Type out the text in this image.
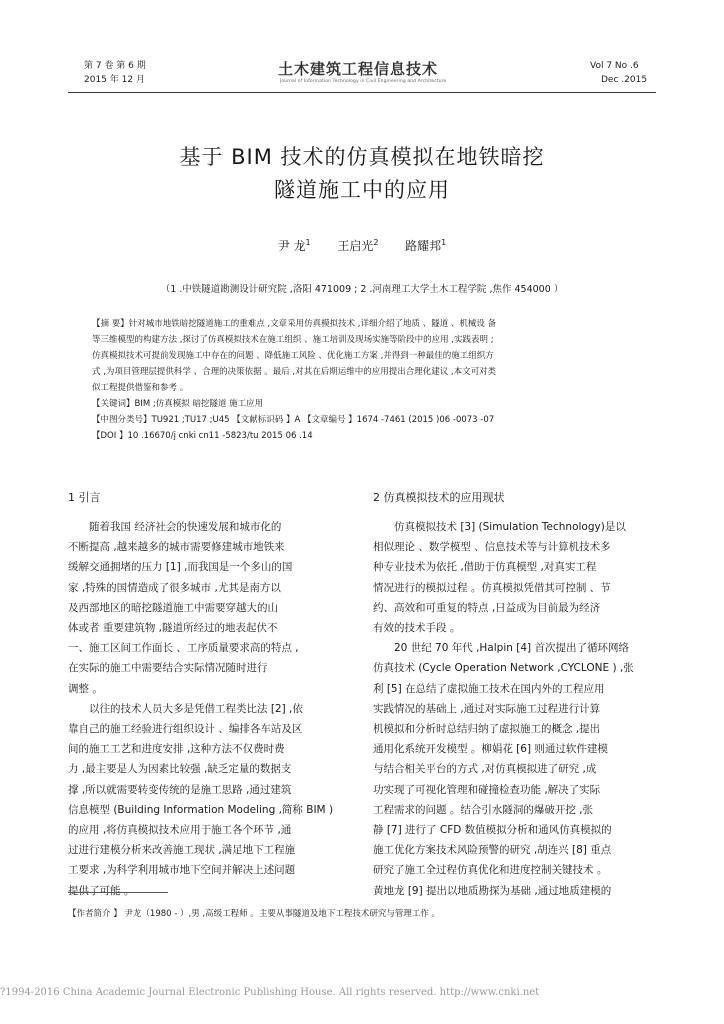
第 7 卷 第 6 期
2015 年 12 月
土木建筑工程信息技术
Journal of Information Technology in Civil Engineering and Architecture
Vol 7 No .6
Dec .2015
基于 BIM 技术的仿真模拟在地铁暗挖
隧道施工中的应用
尹 龙$^1$ 王启光$^2$ 路耀邦$^1$
（1 .中铁隧道勘测设计研究院 ,洛阳 471009 ; 2 .河南理工大学土木工程学院 ,焦作 454000 ）
【摘 要】针对城市地铁暗挖隧道施工的重难点 ,文章采用仿真模拟技术 ,详细介绍了地质 、隧道 、机械设 备
等三维模型的构建方法 ,探讨了仿真模拟技术在施工组织 、施工培训及现场实施等阶段中的应用 ,实践表明 ;
仿真模拟技术可提前发现施工中存在的问题 、降低施工风险 、优化施工方案 ,并得到一种最佳的施工组织方
式 ,为项目管理层提供科学 、合理的决策依据 。最后 ,对其在后期运维中的应用提出合理化建议 ,本文可对类
似工程提供借鉴和参考 。
【关键词】BIM ;仿真模拟 暗挖隧道 施工应用
【中图分类号】TU921 ;TU17 ;U45 【文献标识码 】A 【文章编号 】1674 -7461 (2015 )06 -0073 -07
【DOI 】10 .16670/j cnki cn11 -5823/tu 2015 06 .14
1 引言	2 仿真模拟技术的应用现状

随着我国 经济社会的快速发展和城市化的

不断提高 ,越来越多的城市需要修建城市地铁来

缓解交通拥堵的压力 [1] ,而我国是一个多山的国

家 ,特殊的国情造成了很多城市 ,尤其是南方以

及西部地区的暗挖隧道施工中需要穿越大的山

体或者 重要建筑物 ,隧道所经过的地表起伏不

一、施工区间工作面长 、工序质量要求高的特点 ,

在实际的施工中需要结合实际情况随时进行

调整 。

以往的技术人员大多是凭借工程类比法 [2] ,依

靠自己的施工经验进行组织设计 、编排各车站及区

间的施工工艺和进度安排 ,这种方法不仅费时费

力 ,最主要是人为因素比较强 ,缺乏定量的数据支

撑 ,所以就需要转变传统的是施工思路 ,通过建筑

信息模型 (Building Information Modeling ,简称 BIM )

的应用 ,将仿真模拟技术应用于施工各个环节 ,通

过进行建模分析来改善施工现状 ,满足地下工程施

工要求 ,为科学利用城市地下空间并解决上述问题

提供了可能 。

仿真模拟技术 [3] (Simulation Technology)是以

相似理论 、数学模型 、信息技术等与计算机技术多

种专业技术为依托 ,借助于仿真模型 ,对真实工程

情况进行的模拟过程 。仿真模拟凭借其可控制 、节

约、高效和可重复的特点 ,日益成为目前最为经济

有效的技术手段 。

20 世纪 70 年代 ,Halpin [4] 首次提出了循环网络

仿真技术 (Cycle Operation Network ,CYCLONE ) ,张

利 [5] 在总结了虚拟施工技术在国内外的工程应用

实践情况的基础上 ,通过对实际施工过程进行计算

机模拟和分析时总结归纳了虚拟施工的概念 ,提出

通用化系统开发模型 。柳娟花 [6] 则通过软件建模

与结合相关平台的方式 ,对仿真模拟进了研究 ,成

功实现了可视化管理和碰撞检查功能 ,解决了实际

工程需求的问题 。结合引水隧洞的爆破开挖 ,张

静 [7] 进行了 CFD 数值模拟分析和通风仿真模拟的

施工优化方案技术风险预警的研究 ,胡连兴 [8] 重点

研究了施工全过程仿真优化和进度控制关键技术 。

黄地龙 [9] 提出以地质勘探为基础 ,通过地质建模的

【作者简介 】 尹龙（1980 - ）,男 ,高级工程师 。主要从事隧道及地下工程技术研究与管理工作 。
?1994-2016 China Academic Journal Electronic Publishing House. All rights reserved. http://www.cnki.net
